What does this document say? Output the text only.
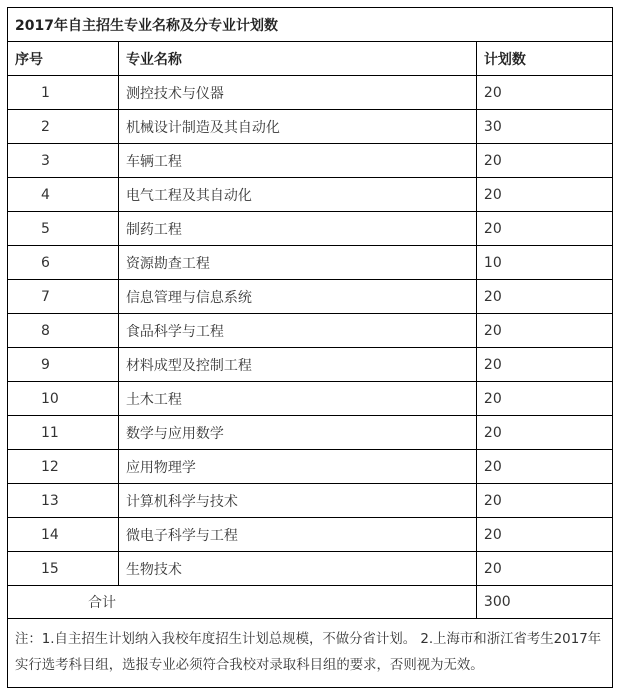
2017年自主招生专业名称及分专业计划数		
序号	专业名称	计划数
1	测控技术与仪器	20
2	机械设计制造及其自动化	30
3	车辆工程	20
4	电气工程及其自动化	20
5	制药工程	20
6	资源勘查工程	10
7	信息管理与信息系统	20
8	食品科学与工程	20
9	材料成型及控制工程	20
10	土木工程	20
11	数学与应用数学	20
12	应用物理学	20
13	计算机科学与技术	20
14	微电子科学与工程	20
15	生物技术	20
合计		300
注：1.自主招生计划纳入我校年度招生计划总规模，不做分省计划。 2.上海市和浙江省考生2017年实行选考科目组，选报专业必须符合我校对录取科目组的要求，否则视为无效。		
